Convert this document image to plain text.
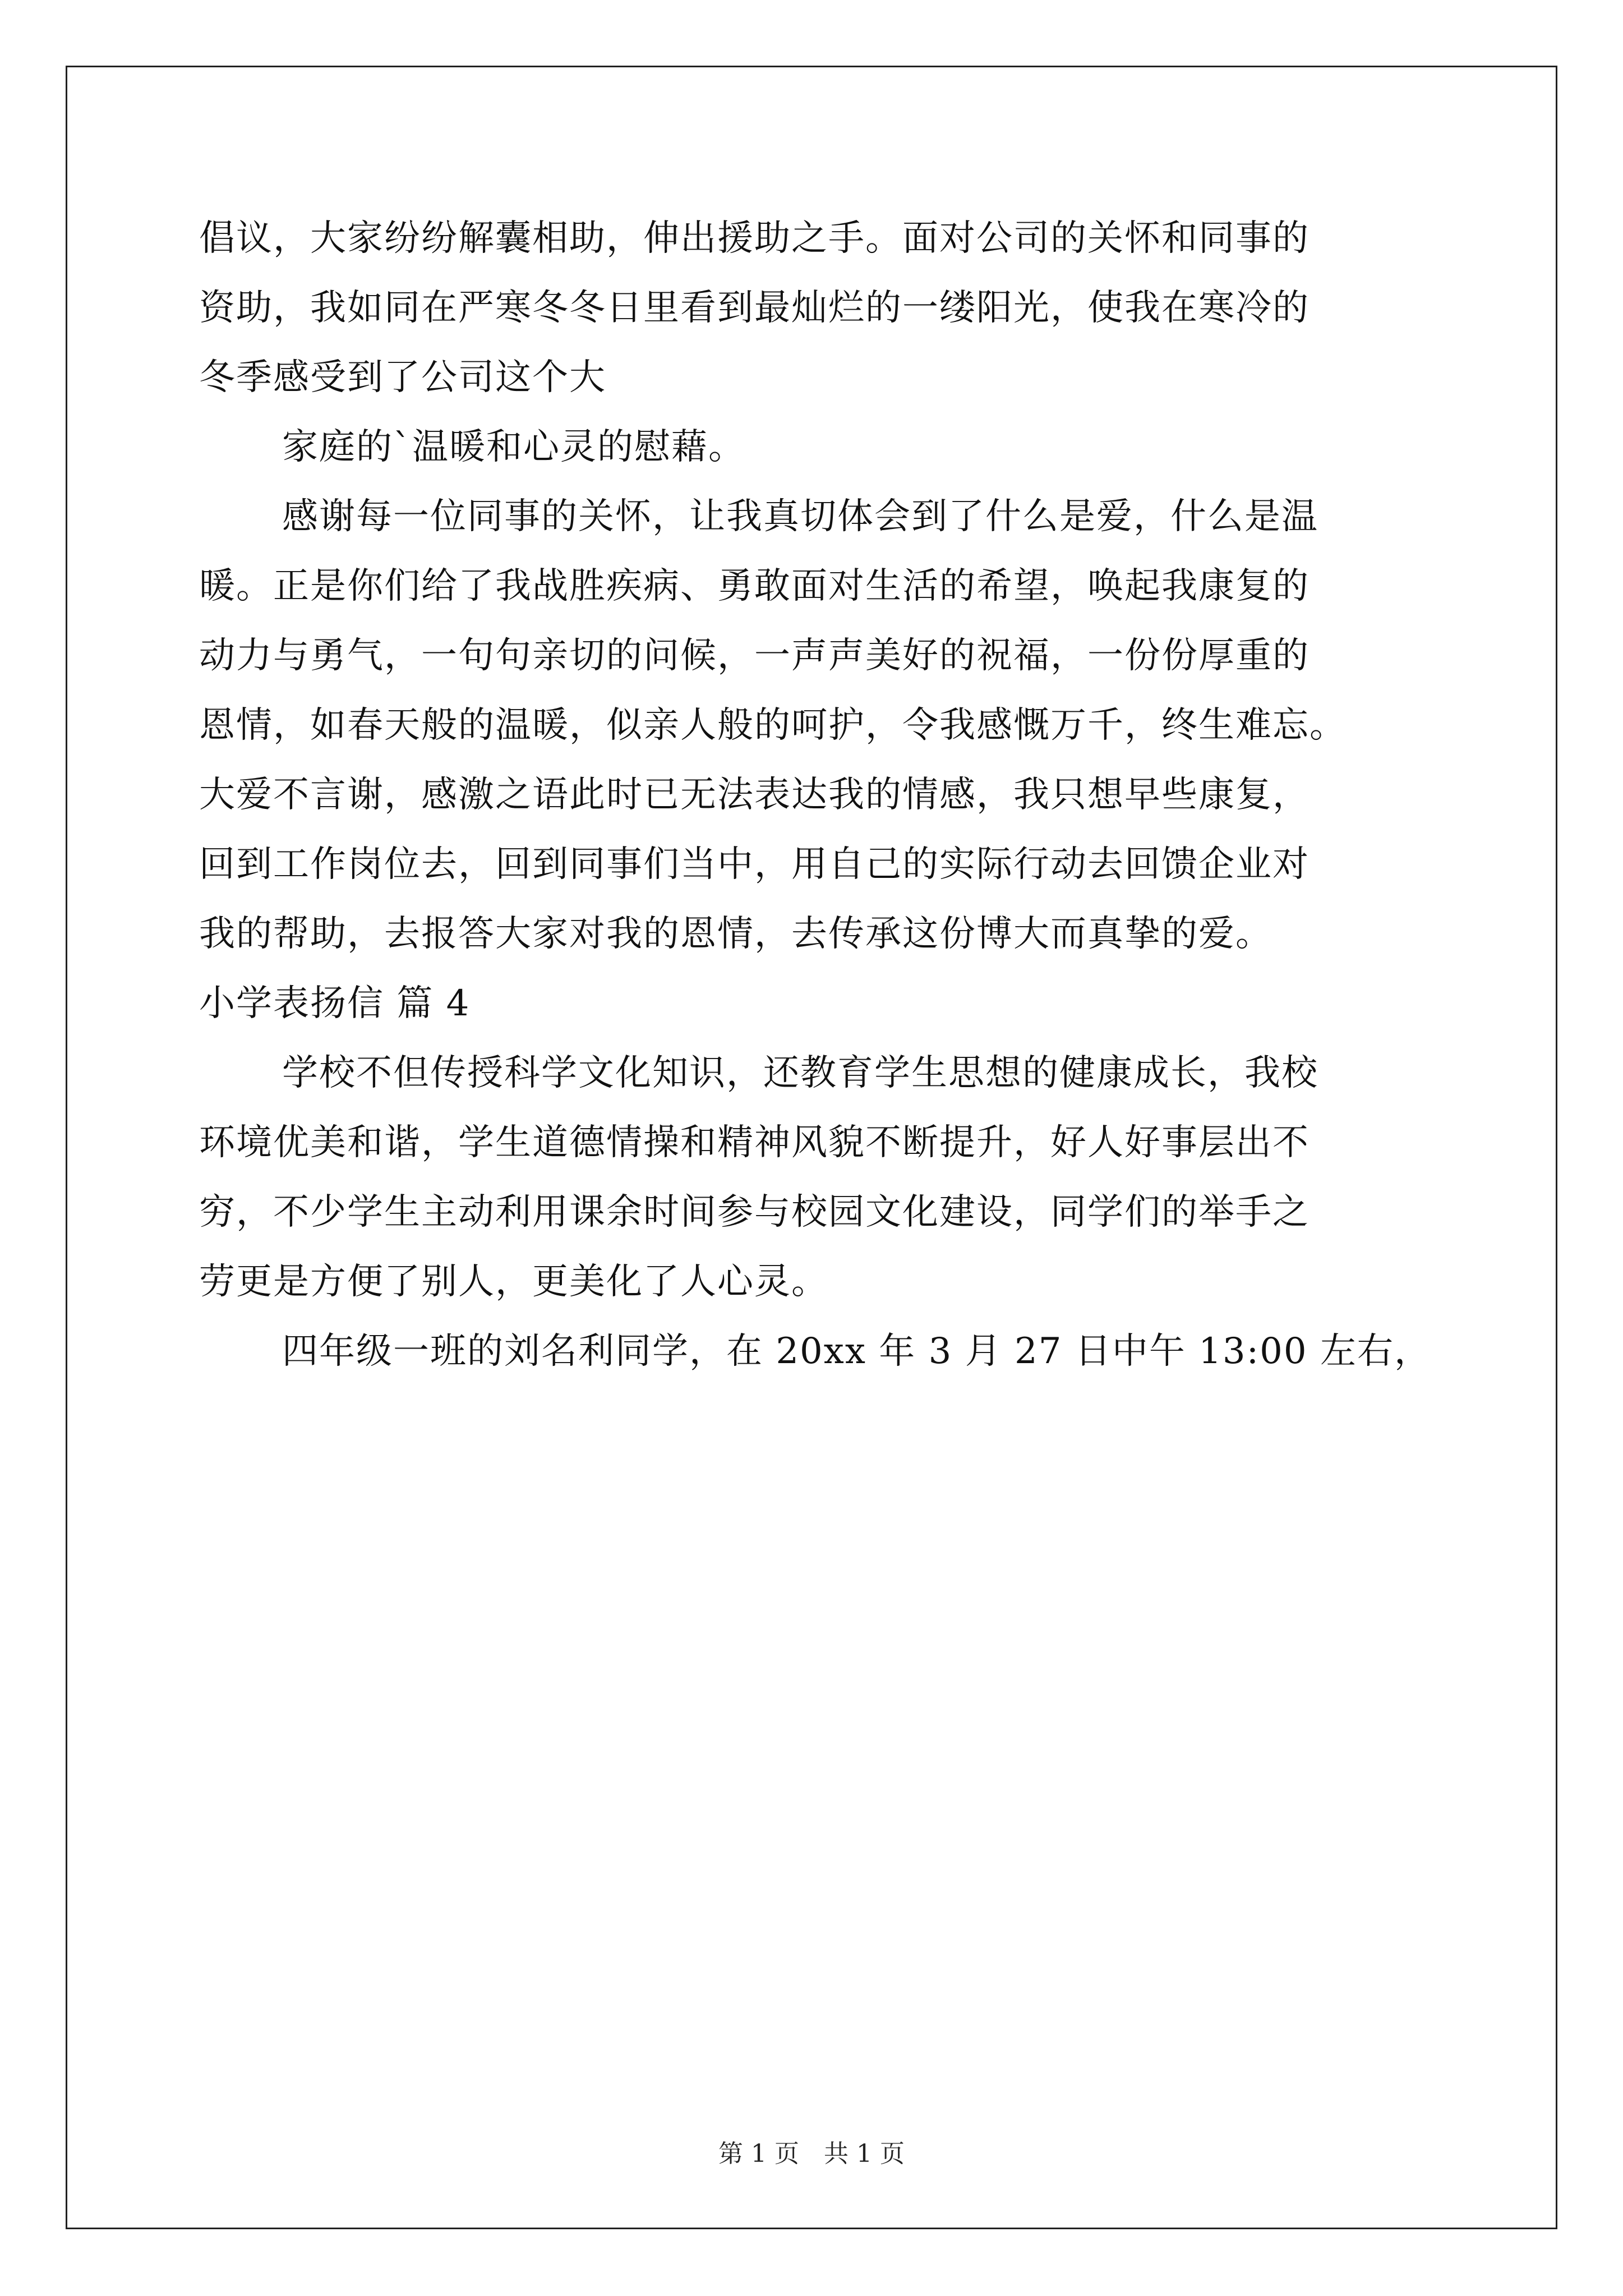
倡议，大家纷纷解囊相助，伸出援助之手。面对公司的关怀和同事的
资助，我如同在严寒冬冬日里看到最灿烂的一缕阳光，使我在寒冷的
冬季感受到了公司这个大
家庭的`温暖和心灵的慰藉。
感谢每一位同事的关怀，让我真切体会到了什么是爱，什么是温
暖。正是你们给了我战胜疾病、勇敢面对生活的希望，唤起我康复的
动力与勇气，一句句亲切的问候，一声声美好的祝福，一份份厚重的
恩情，如春天般的温暖，似亲人般的呵护，令我感慨万千，终生难忘。
大爱不言谢，感激之语此时已无法表达我的情感，我只想早些康复，
回到工作岗位去，回到同事们当中，用自己的实际行动去回馈企业对
我的帮助，去报答大家对我的恩情，去传承这份博大而真挚的爱。
小学表扬信 篇 4
学校不但传授科学文化知识，还教育学生思想的健康成长，我校
环境优美和谐，学生道德情操和精神风貌不断提升，好人好事层出不
穷，不少学生主动利用课余时间参与校园文化建设，同学们的举手之
劳更是方便了别人，更美化了人心灵。
四年级一班的刘名利同学，在 20xx 年 3 月 27 日中午 13:00 左右，
第 1 页　共 1 页
